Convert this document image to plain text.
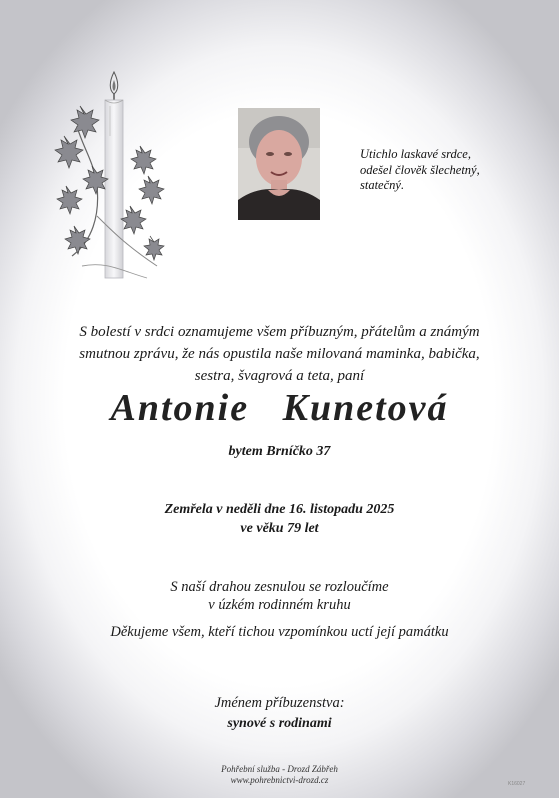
Utichlo laskavé srdce,
odešel člověk šlechetný,
statečný.
S bolestí v srdci oznamujeme všem příbuzným, přátelům a známým
smutnou zprávu, že nás opustila naše milovaná maminka, babička,
sestra, švagrová a teta, paní
Antonie Kunetová
bytem Brníčko 37
Zemřela v neděli dne 16. listopadu 2025
ve věku 79 let
S naší drahou zesnulou se rozloučíme
v úzkém rodinném kruhu
Děkujeme všem, kteří tichou vzpomínkou uctí její památku
Jménem příbuzenstva:
synové s rodinami
Pohřební služba - Drozd Zábřeh
www.pohrebnictvi-drozd.cz	K16027
